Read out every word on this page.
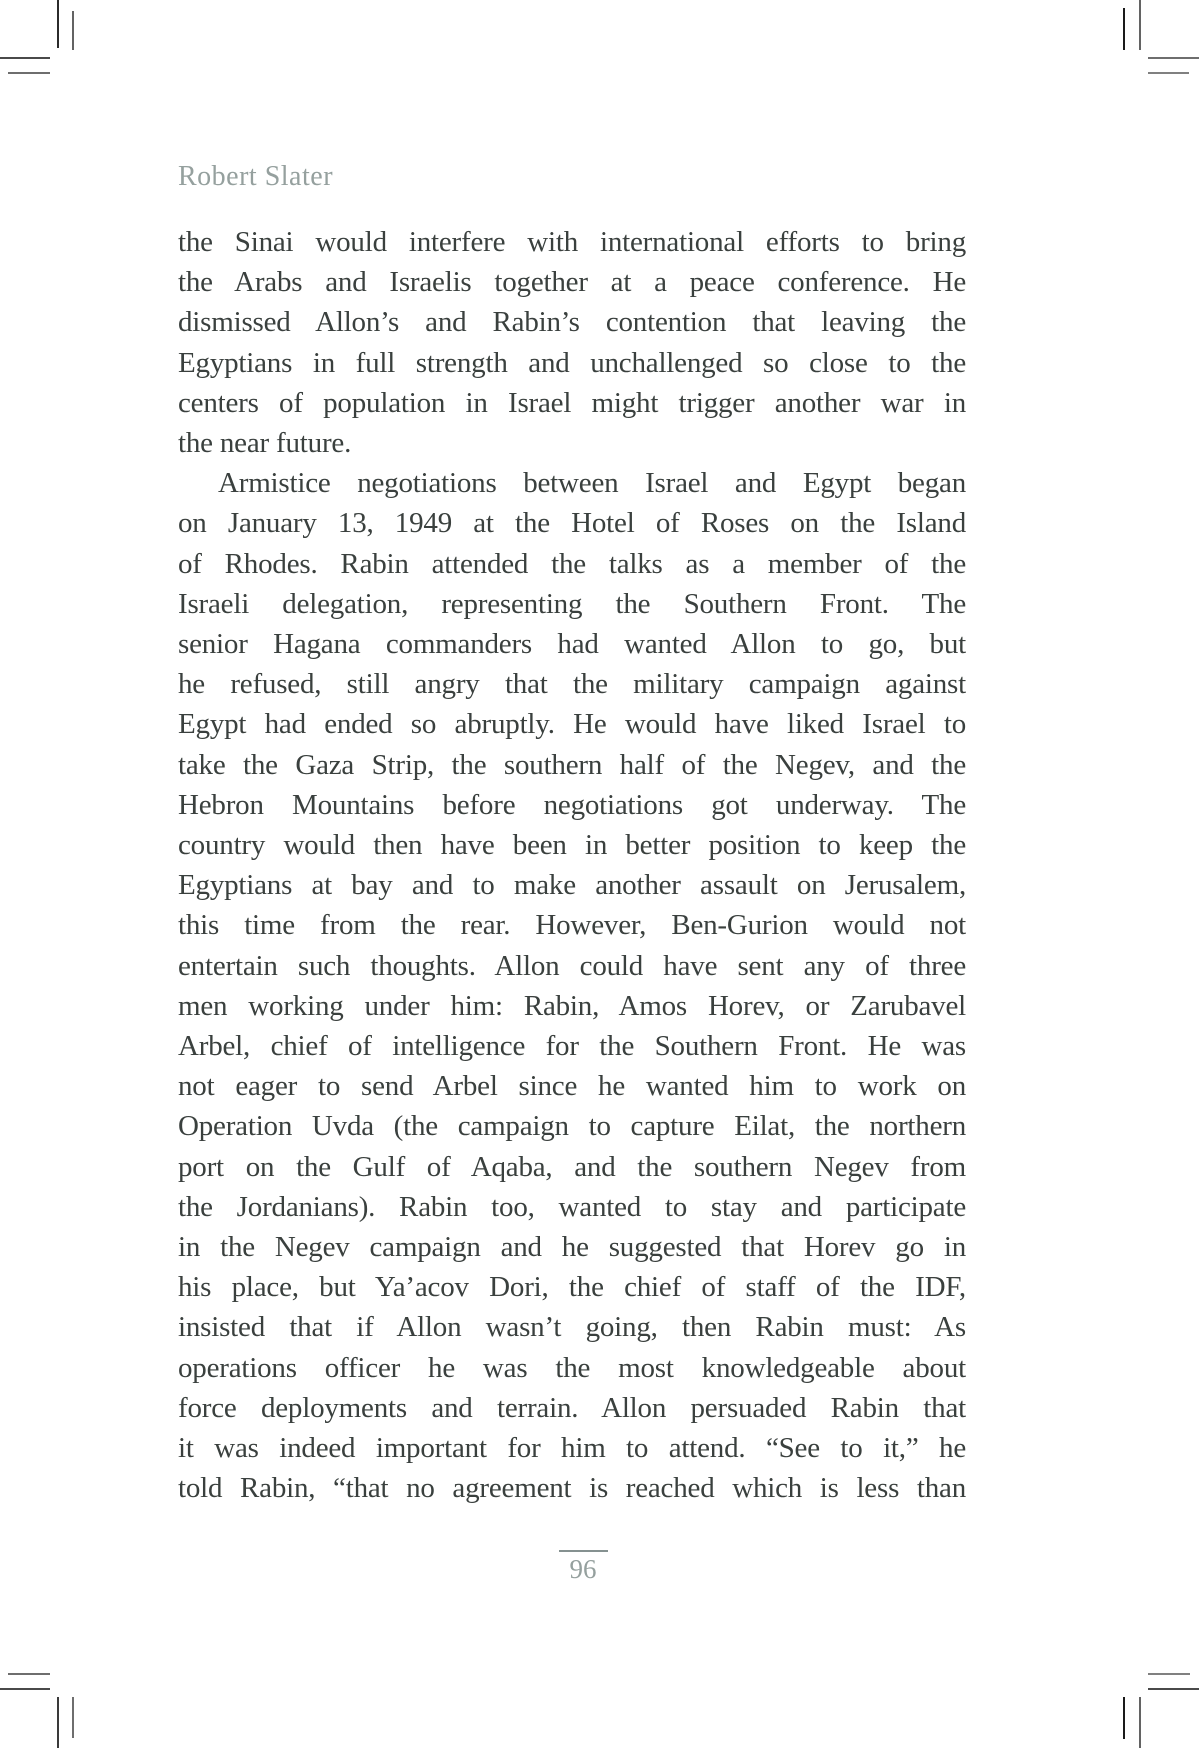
Robert Slater
the Sinai would interfere with international efforts to bring
the Arabs and Israelis together at a peace conference. He
dismissed Allon’s and Rabin’s contention that leaving the
Egyptians in full strength and unchallenged so close to the
centers of population in Israel might trigger another war in
the near future.
Armistice negotiations between Israel and Egypt began
on January 13, 1949 at the Hotel of Roses on the Island
of Rhodes. Rabin attended the talks as a member of the
Israeli delegation, representing the Southern Front. The
senior Hagana commanders had wanted Allon to go, but
he refused, still angry that the military campaign against
Egypt had ended so abruptly. He would have liked Israel to
take the Gaza Strip, the southern half of the Negev, and the
Hebron Mountains before negotiations got underway. The
country would then have been in better position to keep the
Egyptians at bay and to make another assault on Jerusalem,
this time from the rear. However, Ben-Gurion would not
entertain such thoughts. Allon could have sent any of three
men working under him: Rabin, Amos Horev, or Zarubavel
Arbel, chief of intelligence for the Southern Front. He was
not eager to send Arbel since he wanted him to work on
Operation Uvda (the campaign to capture Eilat, the northern
port on the Gulf of Aqaba, and the southern Negev from
the Jordanians). Rabin too, wanted to stay and participate
in the Negev campaign and he suggested that Horev go in
his place, but Ya’acov Dori, the chief of staff of the IDF,
insisted that if Allon wasn’t going, then Rabin must: As
operations officer he was the most knowledgeable about
force deployments and terrain. Allon persuaded Rabin that
it was indeed important for him to attend. “See to it,” he
told Rabin, “that no agreement is reached which is less than
96
